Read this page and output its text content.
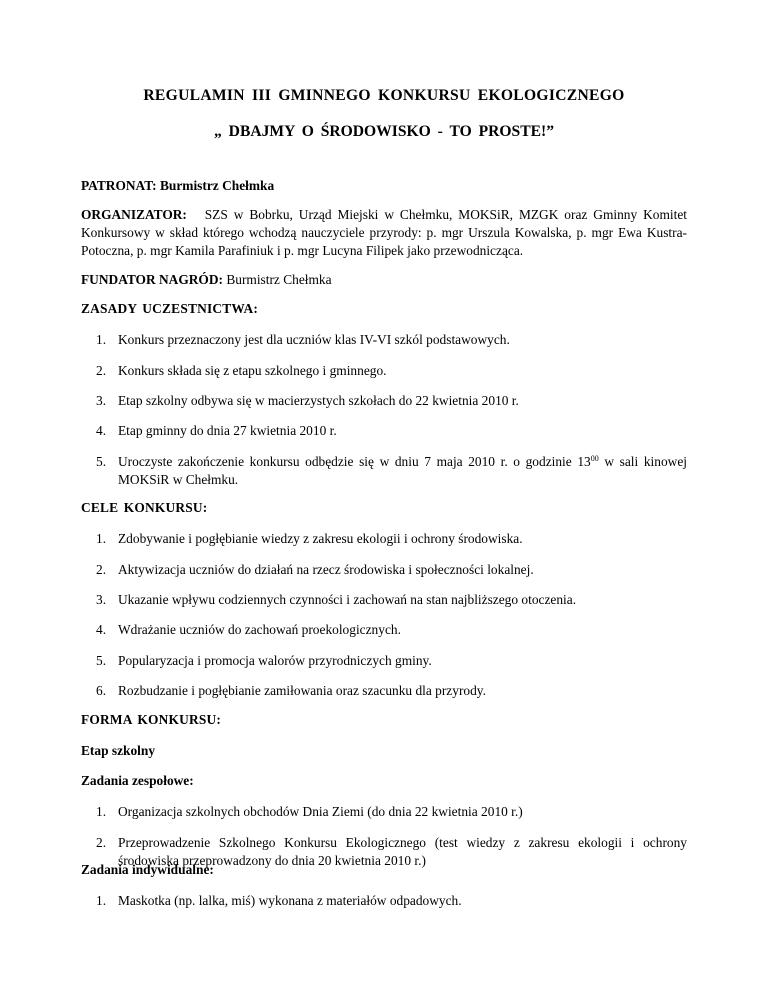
REGULAMIN III GMINNEGO KONKURSU EKOLOGICZNEGO
„ DBAJMY O ŚRODOWISKO - TO PROSTE!”
PATRONAT: Burmistrz Chełmka
ORGANIZATOR: SZS w Bobrku, Urząd Miejski w Chełmku, MOKSiR, MZGK oraz Gminny Komitet Konkursowy w skład którego wchodzą nauczyciele przyrody: p. mgr Urszula Kowalska, p. mgr Ewa Kustra-Potoczna, p. mgr Kamila Parafiniuk i p. mgr Lucyna Filipek jako przewodnicząca.
FUNDATOR NAGRÓD: Burmistrz Chełmka
ZASADY UCZESTNICTWA:
1. Konkurs przeznaczony jest dla uczniów klas IV-VI szkól podstawowych.
2. Konkurs składa się z etapu szkolnego i gminnego.
3. Etap szkolny odbywa się w macierzystych szkołach do 22 kwietnia 2010 r.
4. Etap gminny do dnia 27 kwietnia 2010 r.
5. Uroczyste zakończenie konkursu odbędzie się w dniu 7 maja 2010 r. o godzinie $13^{00}$ w sali kinowej MOKSiR w Chełmku.
CELE KONKURSU:
1. Zdobywanie i pogłębianie wiedzy z zakresu ekologii i ochrony środowiska.
2. Aktywizacja uczniów do działań na rzecz środowiska i społeczności lokalnej.
3. Ukazanie wpływu codziennych czynności i zachowań na stan najbliższego otoczenia.
4. Wdrażanie uczniów do zachowań proekologicznych.
5. Popularyzacja i promocja walorów przyrodniczych gminy.
6. Rozbudzanie i pogłębianie zamiłowania oraz szacunku dla przyrody.
FORMA KONKURSU:
Etap szkolny
Zadania zespołowe:
1. Organizacja szkolnych obchodów Dnia Ziemi (do dnia 22 kwietnia 2010 r.)
2. Przeprowadzenie Szkolnego Konkursu Ekologicznego (test wiedzy z zakresu ekologii i ochrony środowiska przeprowadzony do dnia 20 kwietnia 2010 r.)
Zadania indywidualne:
1. Maskotka (np. lalka, miś) wykonana z materiałów odpadowych.
